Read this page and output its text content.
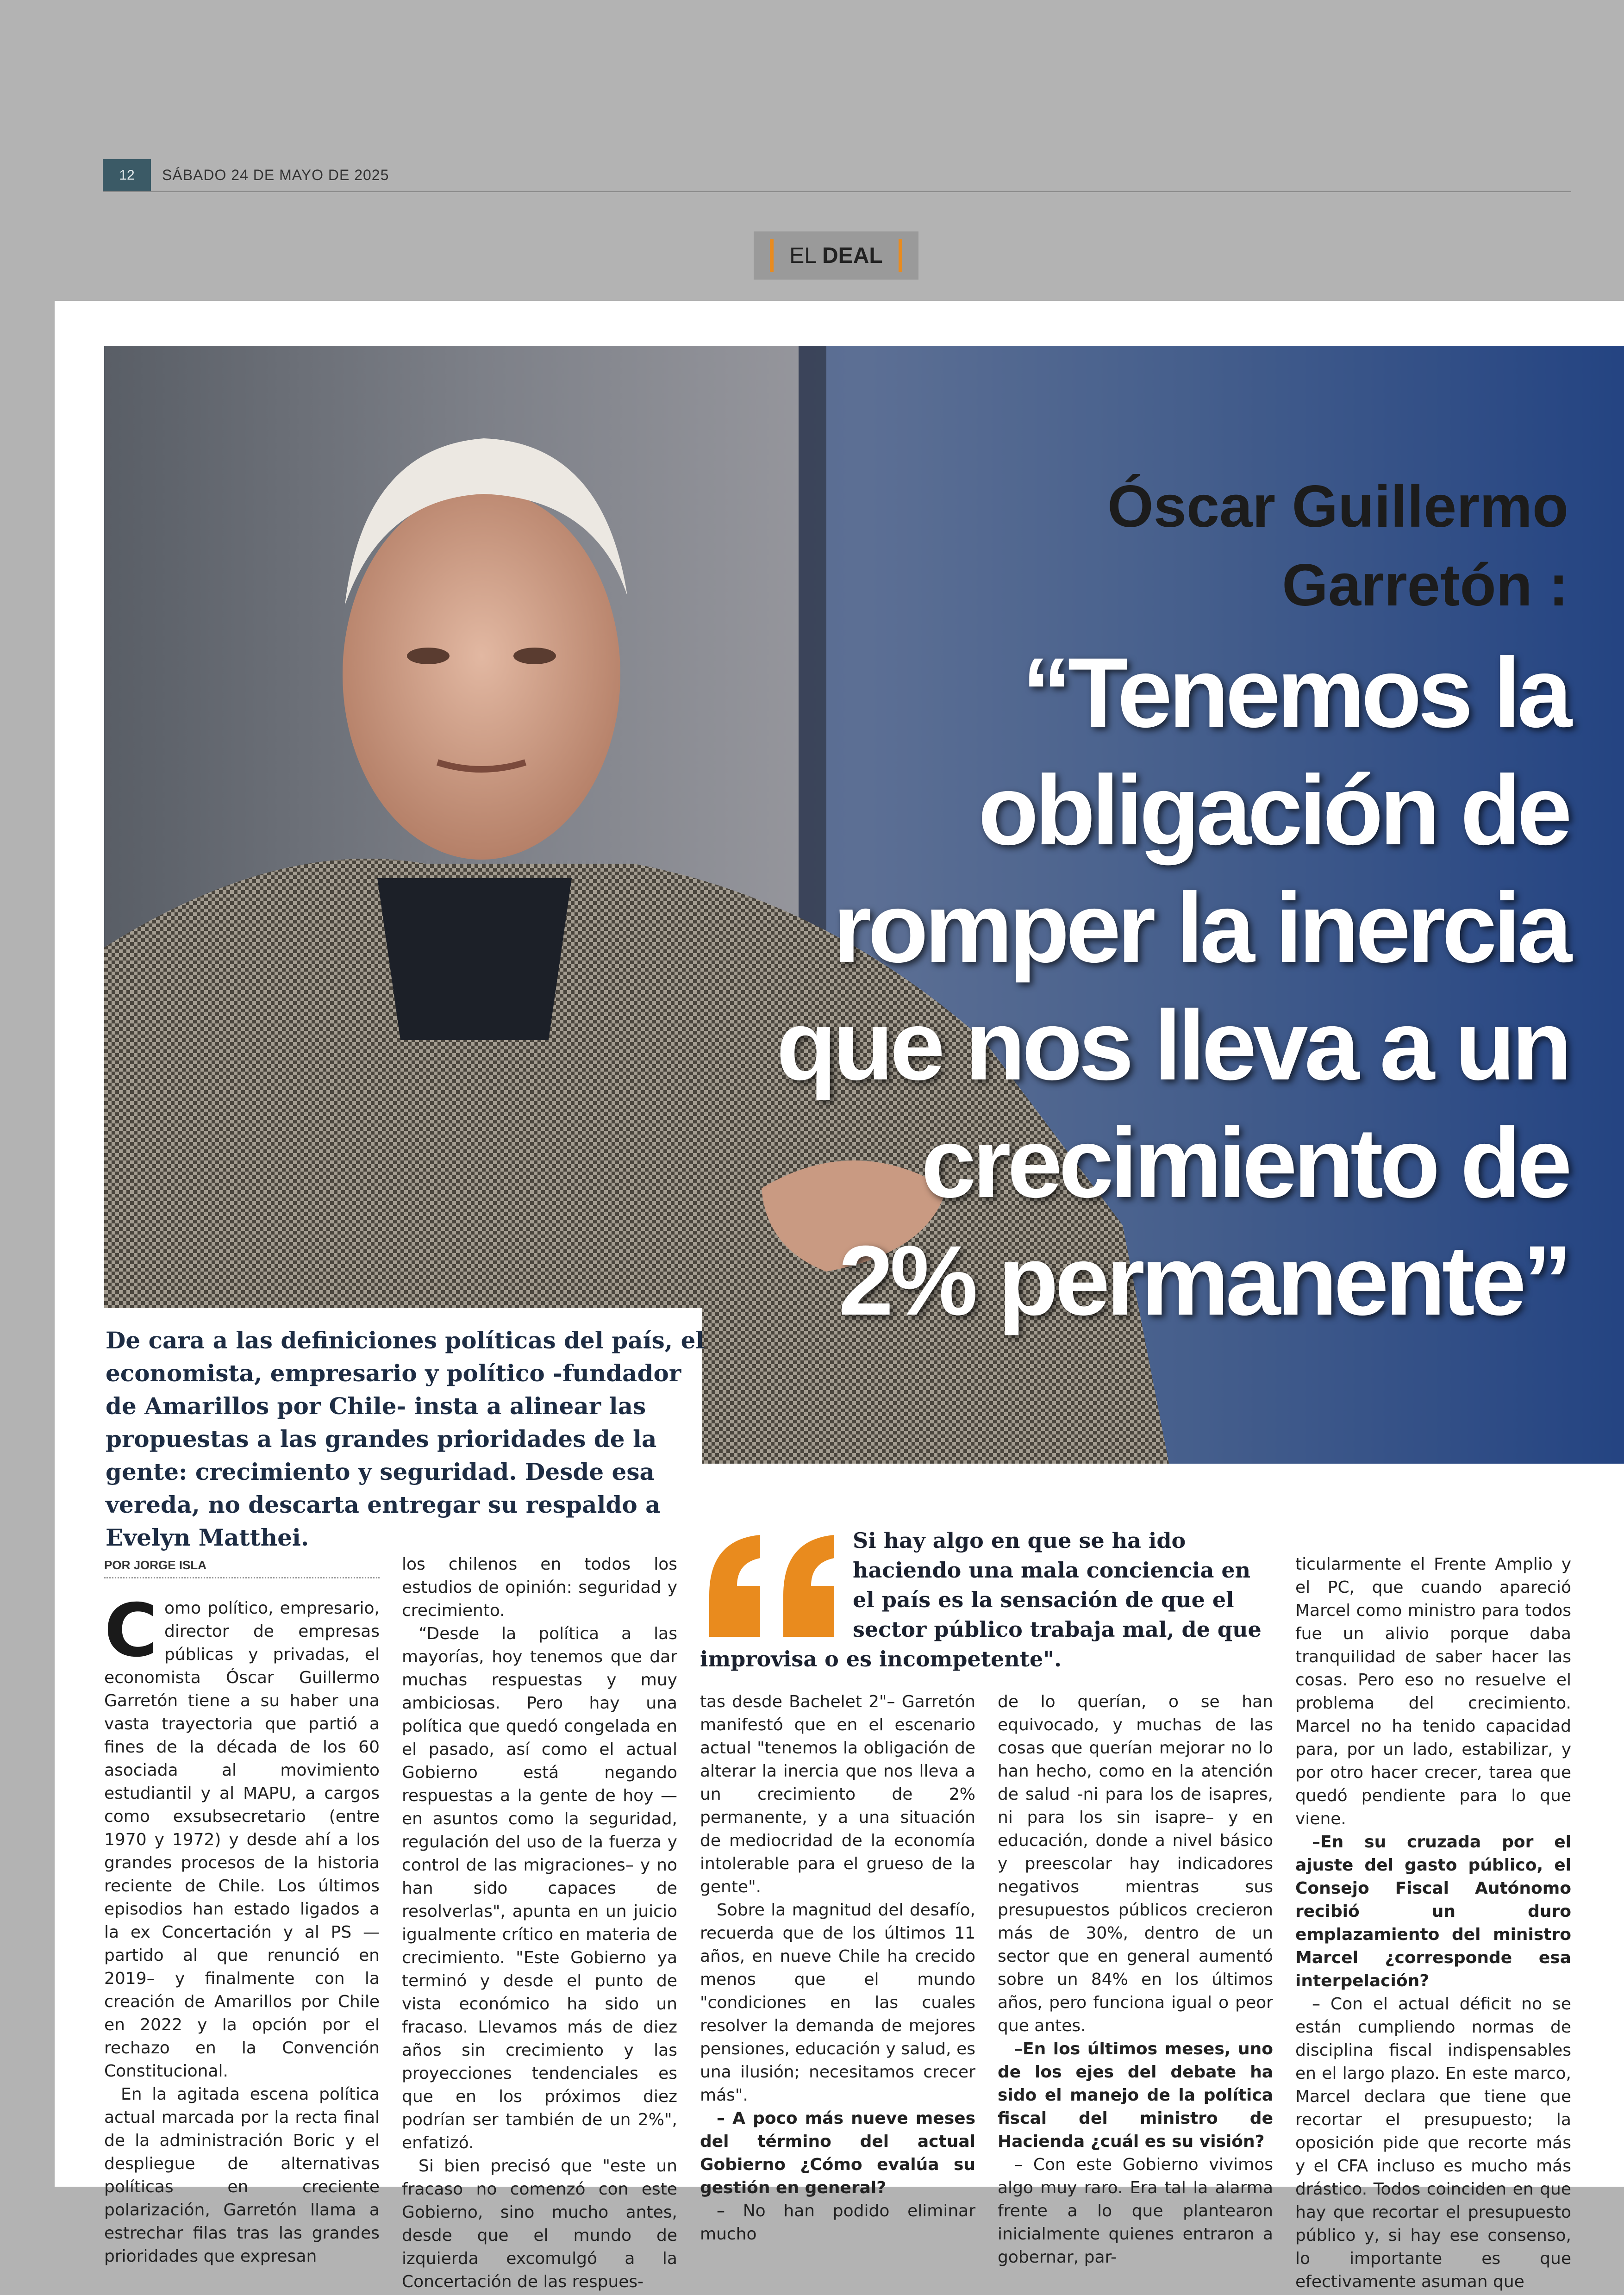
12	SÁBADO 24 DE MAYO DE 2025
EL DEAL
Óscar Guillermo
Garretón :
“Tenemos la
obligación de
romper la inercia
que nos lleva a un
crecimiento de
2% permanente”
De cara a las definiciones políticas del país, el economista, empresario y político -fundador de Amarillos por Chile- insta a alinear las propuestas a las grandes prioridades de la gente: crecimiento y seguridad. Desde esa vereda, no descarta entregar su respaldo a Evelyn Matthei.
POR JORGE ISLA
C omo político, empresario, director de empresas públicas y privadas, el economista Óscar Guillermo Garretón tiene a su haber una vasta trayectoria que partió a fines de la década de los 60 asociada al movimiento estudiantil y al MAPU, a cargos como exsubsecretario (entre 1970 y 1972) y desde ahí a los grandes procesos de la historia reciente de Chile. Los últimos episodios han estado ligados a la ex Concertación y al PS —partido al que renunció en 2019– y finalmente con la creación de Amarillos por Chile en 2022 y la opción por el rechazo en la Convención Constitucional.

En la agitada escena política actual marcada por la recta final de la administración Boric y el despliegue de alternativas políticas en creciente polarización, Garretón llama a estrechar filas tras las grandes prioridades que expresan

los chilenos en todos los estudios de opinión: seguridad y crecimiento.

“Desde la política a las mayorías, hoy tenemos que dar muchas respuestas y muy ambiciosas. Pero hay una política que quedó congelada en el pasado, así como el actual Gobierno está negando respuestas a la gente de hoy —en asuntos como la seguridad, regulación del uso de la fuerza y control de las migraciones– y no han sido capaces de resolverlas", apunta en un juicio igualmente crítico en materia de crecimiento. "Este Gobierno ya terminó y desde el punto de vista económico ha sido un fracaso. Llevamos más de diez años sin crecimiento y las proyecciones tendenciales es que en los próximos diez podrían ser también de un 2%", enfatizó.

Si bien precisó que "este un fracaso no comenzó con este Gobierno, sino mucho antes, desde que el mundo de izquierda excomulgó a la Concertación de las respues-

Si hay algo en que se ha ido haciendo una mala conciencia en el país es la sensación de que el sector público trabaja mal, de que improvisa o es incompetente".

tas desde Bachelet 2"– Garretón manifestó que en el escenario actual "tenemos la obligación de alterar la inercia que nos lleva a un crecimiento de 2% permanente, y a una situación de mediocridad de la economía intolerable para el grueso de la gente".

Sobre la magnitud del desafío, recuerda que de los últimos 11 años, en nueve Chile ha crecido menos que el mundo "condiciones en las cuales resolver la demanda de mejores pensiones, educación y salud, es una ilusión; necesitamos crecer más".

– A poco más nueve meses del término del actual Gobierno ¿Cómo evalúa su gestión en general?

– No han podido eliminar mucho

de lo querían, o se han equivocado, y muchas de las cosas que querían mejorar no lo han hecho, como en la atención de salud -ni para los de isapres, ni para los sin isapre– y en educación, donde a nivel básico y preescolar hay indicadores negativos mientras sus presupuestos públicos crecieron más de 30%, dentro de un sector que en general aumentó sobre un 84% en los últimos años, pero funciona igual o peor que antes.

–En los últimos meses, uno de los ejes del debate ha sido el manejo de la política fiscal del ministro de Hacienda ¿cuál es su visión?

– Con este Gobierno vivimos algo muy raro. Era tal la alarma frente a lo que plantearon inicialmente quienes entraron a gobernar, par-

ticularmente el Frente Amplio y el PC, que cuando apareció Marcel como ministro para todos fue un alivio porque daba tranquilidad de saber hacer las cosas. Pero eso no resuelve el problema del crecimiento. Marcel no ha tenido capacidad para, por un lado, estabilizar, y por otro hacer crecer, tarea que quedó pendiente para lo que viene.

–En su cruzada por el ajuste del gasto público, el Consejo Fiscal Autónomo recibió un duro emplazamiento del ministro Marcel ¿corresponde esa interpelación?

– Con el actual déficit no se están cumpliendo normas de disciplina fiscal indispensables en el largo plazo. En este marco, Marcel declara que tiene que recortar el presupuesto; la oposición pide que recorte más y el CFA incluso es mucho más drástico. Todos coinciden en que hay que recortar el presupuesto público y, si hay ese consenso, lo importante es que efectivamente asuman que
